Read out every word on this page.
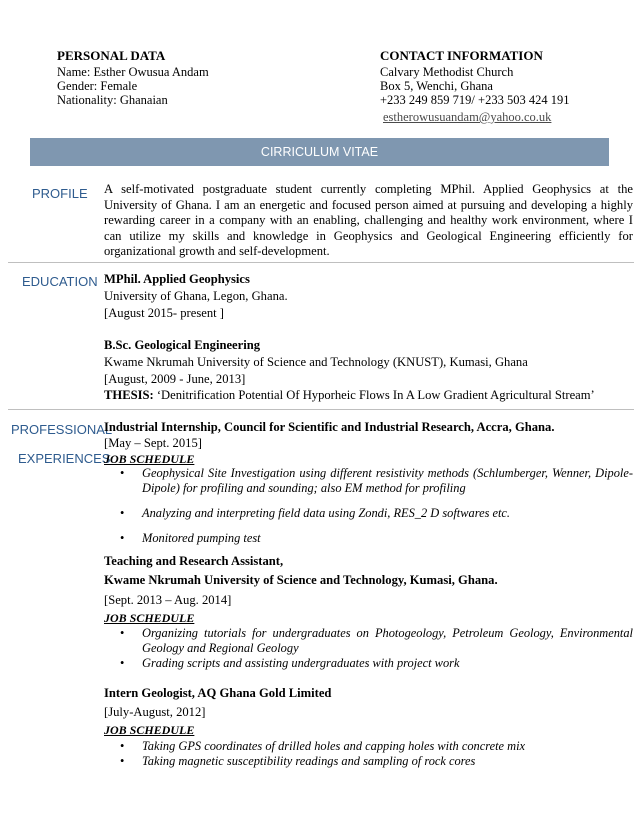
PERSONAL DATA
Name: Esther Owusua Andam
Gender: Female
Nationality: Ghanaian
CONTACT INFORMATION
Calvary Methodist Church
Box 5, Wenchi, Ghana
+233 249 859 719/ +233 503 424 191
estherowusuandam@yahoo.co.uk
CIRRICULUM VITAE
PROFILE A self-motivated postgraduate student currently completing MPhil. Applied Geophysics at the University of Ghana. I am an energetic and focused person aimed at pursuing and developing a highly rewarding career in a company with an enabling, challenging and healthy work environment, where I can utilize my skills and knowledge in Geophysics and Geological Engineering efficiently for organizational growth and self-development.
EDUCATION MPhil. Applied Geophysics
University of Ghana, Legon, Ghana.
[August 2015- present ]
B.Sc. Geological Engineering
Kwame Nkrumah University of Science and Technology (KNUST), Kumasi, Ghana
[August, 2009 - June, 2013]
THESIS: ‘Denitrification Potential Of Hyporheic Flows In A Low Gradient Agricultural Stream’
PROFESSIONAL
EXPERIENCES
Industrial Internship, Council for Scientific and Industrial Research, Accra, Ghana.
[May – Sept. 2015]
JOB SCHEDULE
• Geophysical Site Investigation using different resistivity methods (Schlumberger, Wenner, Dipole-Dipole) for profiling and sounding; also EM method for profiling
• Analyzing and interpreting field data using Zondi, RES_2 D softwares etc.
• Monitored pumping test
Teaching and Research Assistant,
Kwame Nkrumah University of Science and Technology, Kumasi, Ghana.
[Sept. 2013 – Aug. 2014]
JOB SCHEDULE
• Organizing tutorials for undergraduates on Photogeology, Petroleum Geology, Environmental Geology and Regional Geology
• Grading scripts and assisting undergraduates with project work
Intern Geologist, AQ Ghana Gold Limited
[July-August, 2012]
JOB SCHEDULE
• Taking GPS coordinates of drilled holes and capping holes with concrete mix
• Taking magnetic susceptibility readings and sampling of rock cores
